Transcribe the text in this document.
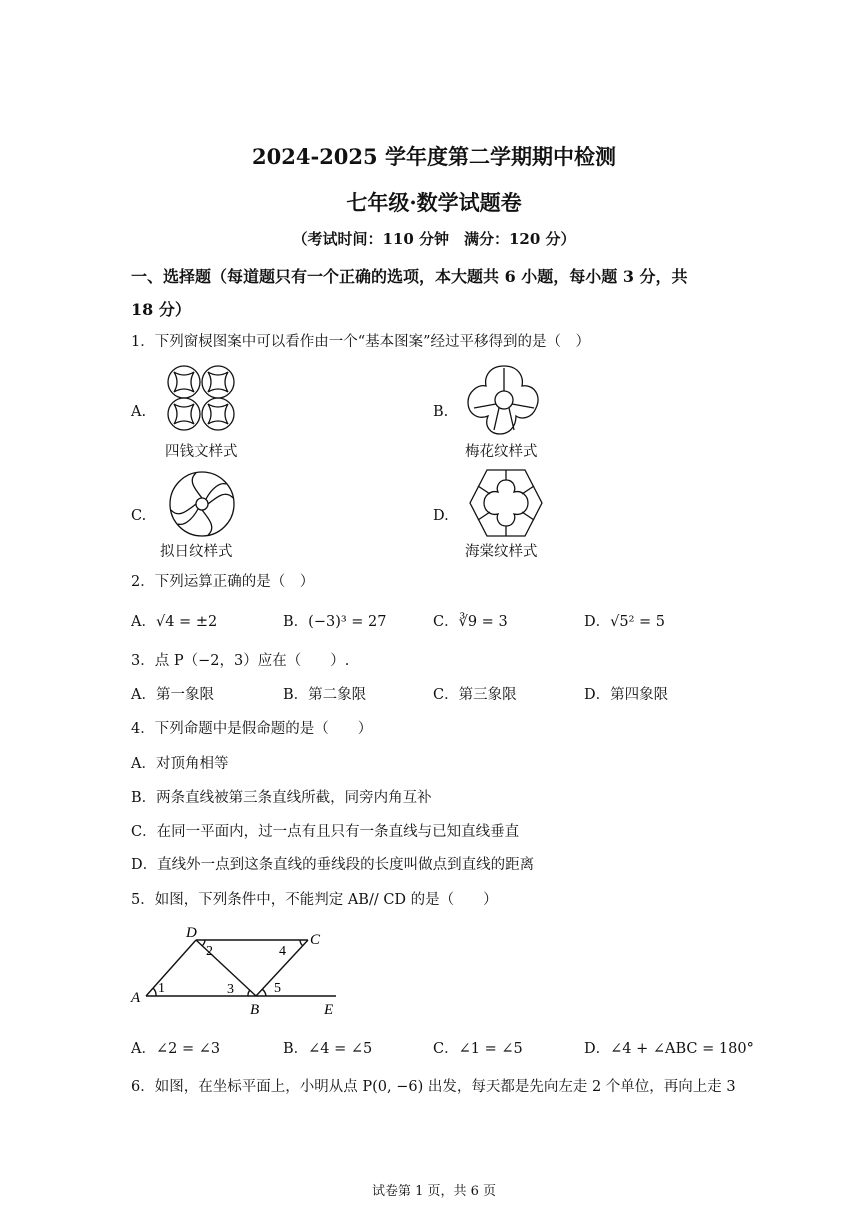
2024-2025 学年度第二学期期中检测
七年级·数学试题卷
（考试时间：110 分钟　满分：120 分）
一、选择题（每道题只有一个正确的选项，本大题共 6 小题，每小题 3 分，共
18 分）
1．下列窗棂图案中可以看作由一个“基本图案”经过平移得到的是（　）
A.
四钱文样式
B.
梅花纹样式
C.
拟日纹样式
D.
海棠纹样式
2．下列运算正确的是（　）
A．√4 = ±2	B．(−3)³ = 27	C．∛9 = 3	D．√5² = 5
3．点 P（−2，3）应在（　　）.
A．第一象限	B．第二象限	C．第三象限	D．第四象限
4．下列命题中是假命题的是（　　）
A．对顶角相等
B．两条直线被第三条直线所截，同旁内角互补
C．在同一平面内，过一点有且只有一条直线与已知直线垂直
D．直线外一点到这条直线的垂线段的长度叫做点到直线的距离
5．如图，下列条件中，不能判定 AB// CD 的是（　　）
A
B
C
D
E
1
2
3
4
5
A．∠2 = ∠3	B．∠4 = ∠5	C．∠1 = ∠5	D．∠4 + ∠ABC = 180°
6．如图，在坐标平面上，小明从点 P(0, −6) 出发，每天都是先向左走 2 个单位，再向上走 3
试卷第 1 页，共 6 页
